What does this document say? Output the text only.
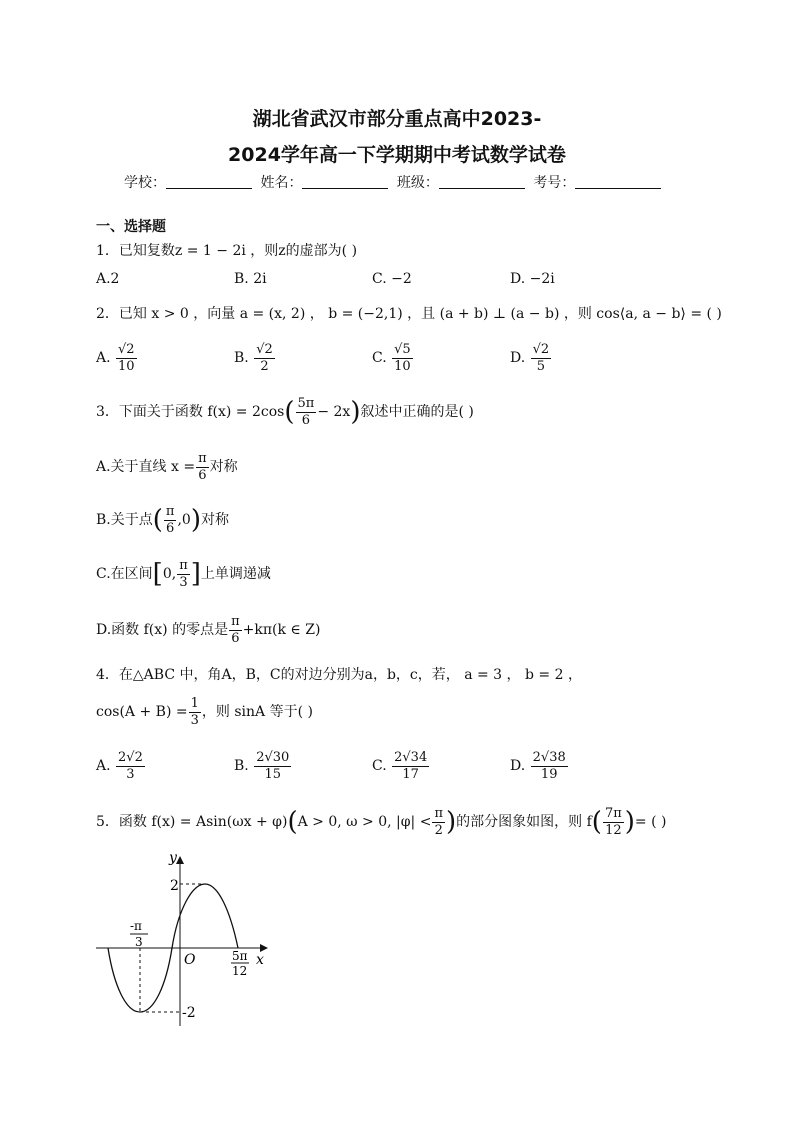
湖北省武汉市部分重点高中2023-
2024学年高一下学期期中考试数学试卷
学校：	姓名：	班级：	考号：
一、选择题
1．已知复数z = 1 − 2i ，则z的虚部为( )
A.2	B. 2i	C. −2	D. −2i
2．已知 x > 0 ，向量 a = (x, 2) ， b = (−2,1) ，且 (a + b) ⊥ (a − b) ，则 cos⟨a, a − b⟩ = ( )
A. $\frac{√2}{10}$	B. $\frac{√2}{2}$	C. $\frac{√5}{10}$	D. $\frac{√2}{5}$
3．下面关于函数 $f(x) = 2\cos( \frac{5\pi}{6} - 2x)$叙述中正确的是( )
A.关于直线 $x = \frac{\pi}{6}$ 对称
B.关于点( $\frac{\pi}{6} ,0$)对称
C.在区间[0, $\frac{\pi}{3}$ ]上单调递减
D.函数 f(x) 的零点是 $\frac{\pi}{6} +k\pi(k$ ∈ Z)
4．在△ABC 中，角A，B，C的对边分别为a，b，c，若， a = 3 ， b = 2 ，
$\cos(A + B) = \frac{1}{3}$ ，则 sinA 等于( )
A. $\frac{2√2}{3}$	B. $\frac{2√30}{15}$	C. $\frac{2√34}{17}$	D. $\frac{2√38}{19}$
5．函数 f(x) = Asin(ωx + φ)(A > 0, ω > 0, $|\varphi| < \frac{\pi}{2}$ )的部分图象如图，则 $f( \frac{7\pi}{12}$ )= ( )
y
x
O
2
-2
-π
3
5π
12
